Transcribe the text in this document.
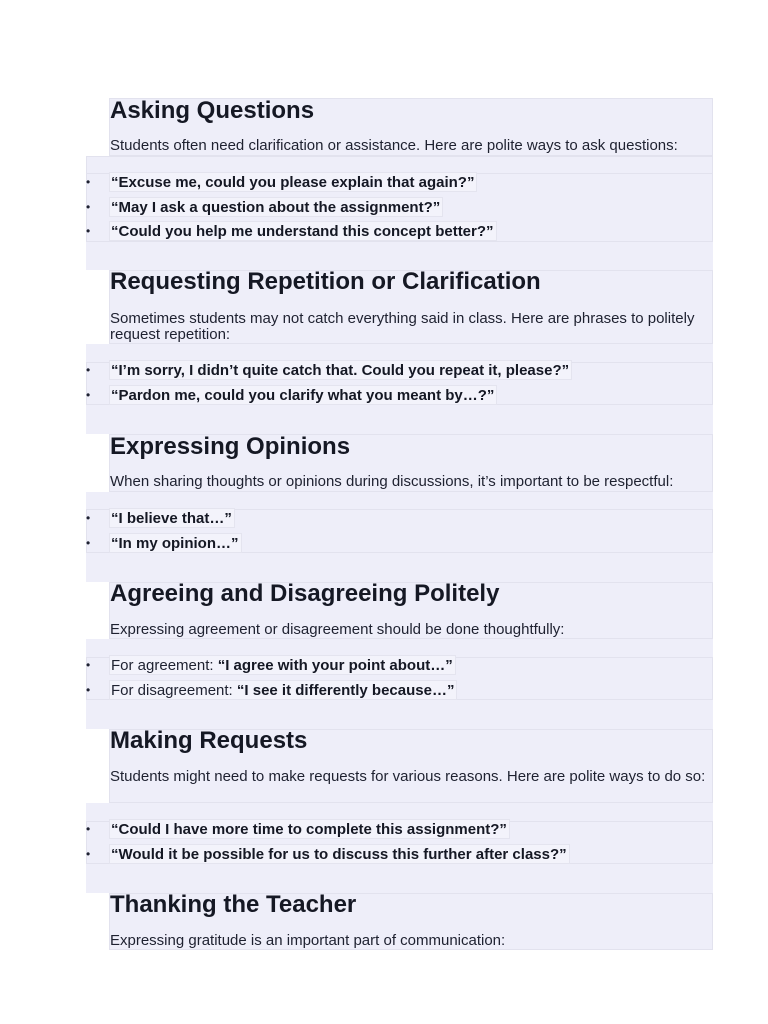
Asking Questions

Students often need clarification or assistance. Here are polite ways to ask questions:

• “Excuse me, could you please explain that again?”
• “May I ask a question about the assignment?”
• “Could you help me understand this concept better?”
Requesting Repetition or Clarification

Sometimes students may not catch everything said in class. Here are phrases to politely request repetition:

• “I’m sorry, I didn’t quite catch that. Could you repeat it, please?”
• “Pardon me, could you clarify what you meant by…?”
Expressing Opinions

When sharing thoughts or opinions during discussions, it’s important to be respectful:

• “I believe that…”
• “In my opinion…”
Agreeing and Disagreeing Politely

Expressing agreement or disagreement should be done thoughtfully:

• For agreement: “I agree with your point about…”
• For disagreement: “I see it differently because…”
Making Requests

Students might need to make requests for various reasons. Here are polite ways to do so:

• “Could I have more time to complete this assignment?”
• “Would it be possible for us to discuss this further after class?”
Thanking the Teacher

Expressing gratitude is an important part of communication:
